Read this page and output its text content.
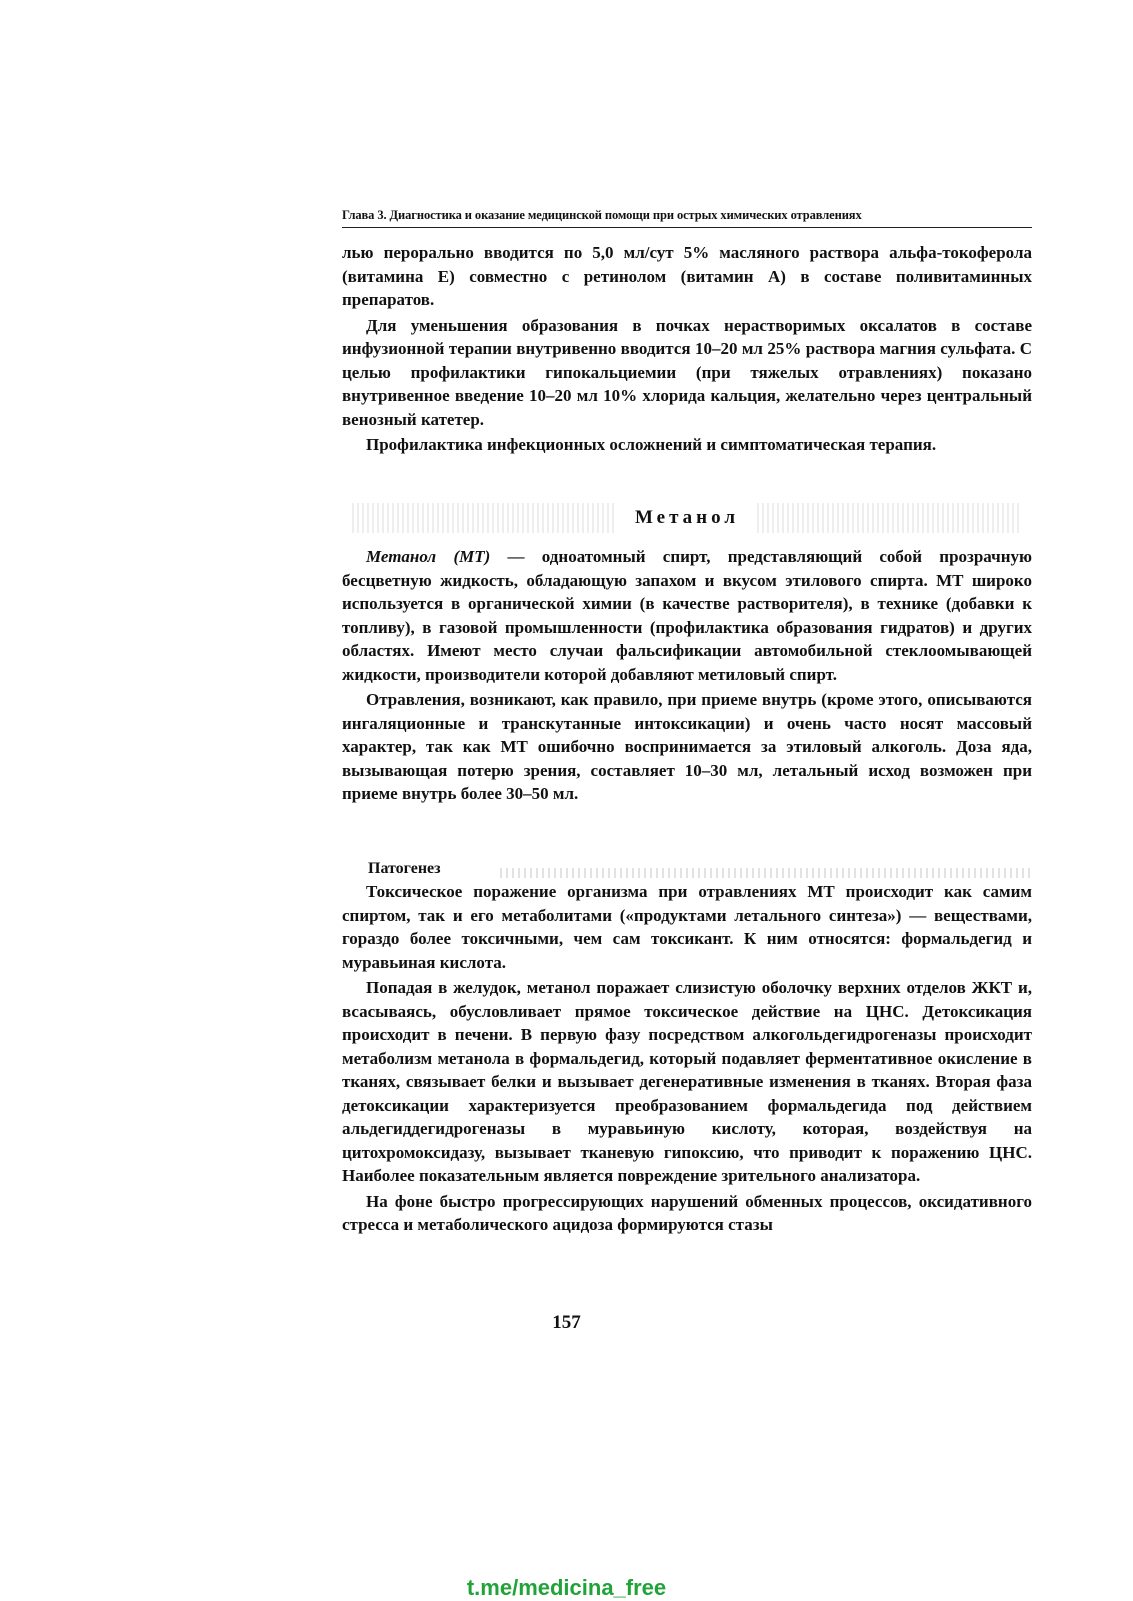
Глава 3. Диагностика и оказание медицинской помощи при острых химических отравлениях

лью перорально вводится по 5,0 мл/сут 5% масляного раствора альфа-токоферола (витамина Е) совместно с ретинолом (витамин А) в составе поливитаминных препаратов.

Для уменьшения образования в почках нерастворимых оксалатов в составе инфузионной терапии внутривенно вводится 10–20 мл 25% раствора магния сульфата. С целью профилактики гипокальциемии (при тяжелых отравлениях) показано внутривенное введение 10–20 мл 10% хлорида кальция, желательно через центральный венозный катетер.

Профилактика инфекционных осложнений и симптоматическая терапия.

Метанол

Метанол (МТ) — одноатомный спирт, представляющий собой прозрачную бесцветную жидкость, обладающую запахом и вкусом этилового спирта. МТ широко используется в органической химии (в качестве растворителя), в технике (добавки к топливу), в газовой промышленности (профилактика образования гидратов) и других областях. Имеют место случаи фальсификации автомобильной стеклоомывающей жидкости, производители которой добавляют метиловый спирт.

Отравления, возникают, как правило, при приеме внутрь (кроме этого, описываются ингаляционные и транскутанные интоксикации) и очень часто носят массовый характер, так как МТ ошибочно воспринимается за этиловый алкоголь. Доза яда, вызывающая потерю зрения, составляет 10–30 мл, летальный исход возможен при приеме внутрь более 30–50 мл.

Патогенез

Токсическое поражение организма при отравлениях МТ происходит как самим спиртом, так и его метаболитами («продуктами летального синтеза») — веществами, гораздо более токсичными, чем сам токсикант. К ним относятся: формальдегид и муравьиная кислота.

Попадая в желудок, метанол поражает слизистую оболочку верхних отделов ЖКТ и, всасываясь, обусловливает прямое токсическое действие на ЦНС. Детоксикация происходит в печени. В первую фазу посредством алкогольдегидрогеназы происходит метаболизм метанола в формальдегид, который подавляет ферментативное окисление в тканях, связывает белки и вызывает дегенеративные изменения в тканях. Вторая фаза детоксикации характеризуется преобразованием формальдегида под действием альдегиддегидрогеназы в муравьиную кислоту, которая, воздействуя на цитохромоксидазу, вызывает тканевую гипоксию, что приводит к поражению ЦНС. Наиболее показательным является повреждение зрительного анализатора.

На фоне быстро прогрессирующих нарушений обменных процессов, оксидативного стресса и метаболического ацидоза формируются стазы

157
t.me/medicina_free
